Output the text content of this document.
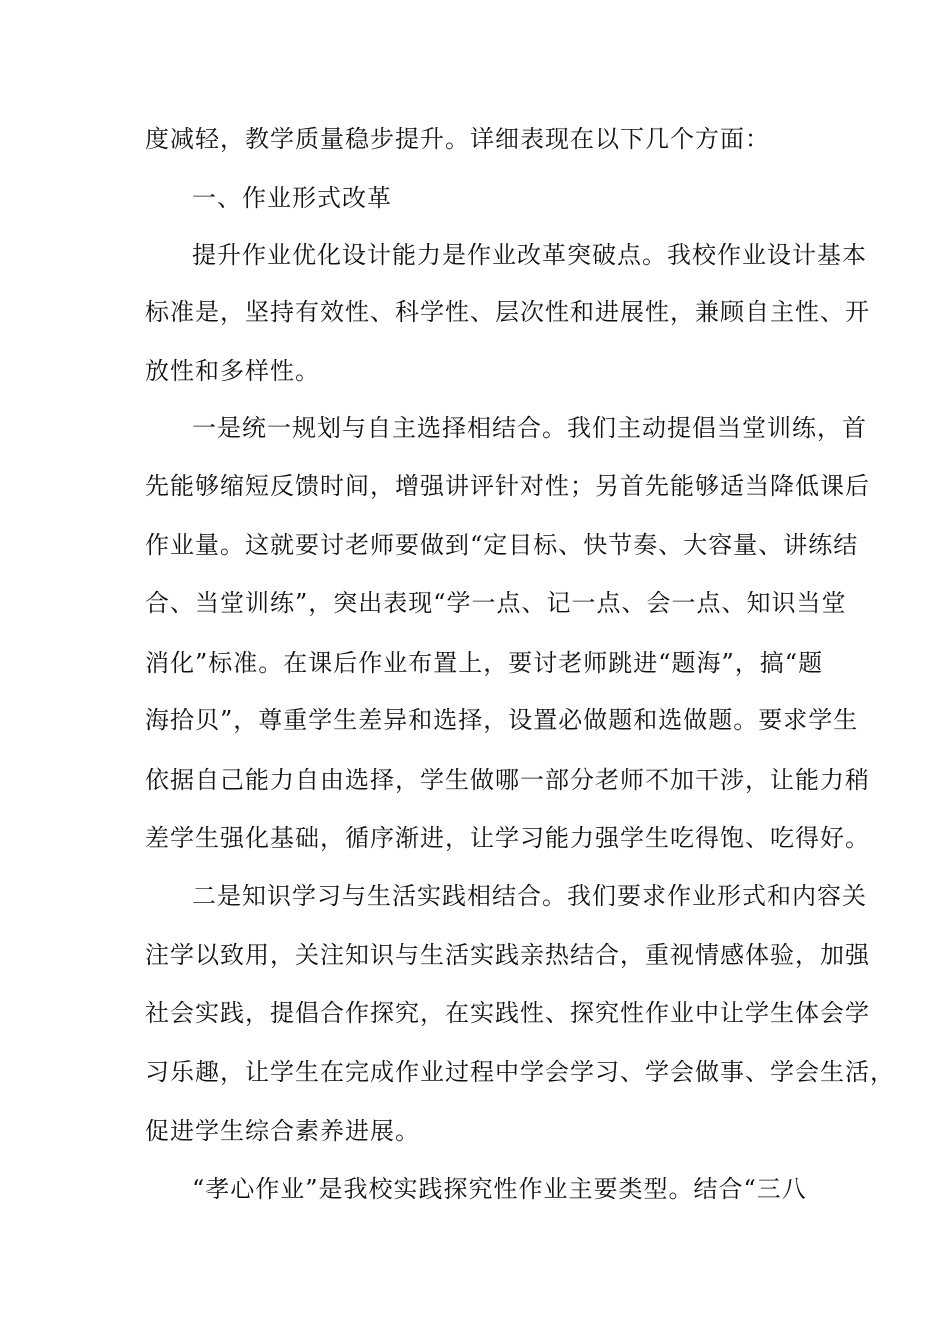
度减轻，教学质量稳步提升。详细表现在以下几个方面：
一、作业形式改革
提升作业优化设计能力是作业改革突破点。我校作业设计基本
标准是，坚持有效性、科学性、层次性和进展性，兼顾自主性、开
放性和多样性。
一是统一规划与自主选择相结合。我们主动提倡当堂训练，首
先能够缩短反馈时间，增强讲评针对性；另首先能够适当降低课后
作业量。这就要讨老师要做到“定目标、快节奏、大容量、讲练结
合、当堂训练”，突出表现“学一点、记一点、会一点、知识当堂
消化”标准。在课后作业布置上，要讨老师跳进“题海”，搞“题
海拾贝”，尊重学生差异和选择，设置必做题和选做题。要求学生
依据自己能力自由选择，学生做哪一部分老师不加干涉，让能力稍
差学生强化基础，循序渐进，让学习能力强学生吃得饱、吃得好。
二是知识学习与生活实践相结合。我们要求作业形式和内容关
注学以致用，关注知识与生活实践亲热结合，重视情感体验，加强
社会实践，提倡合作探究，在实践性、探究性作业中让学生体会学
习乐趣，让学生在完成作业过程中学会学习、学会做事、学会生活，
促进学生综合素养进展。
“孝心作业”是我校实践探究性作业主要类型。结合“三八
